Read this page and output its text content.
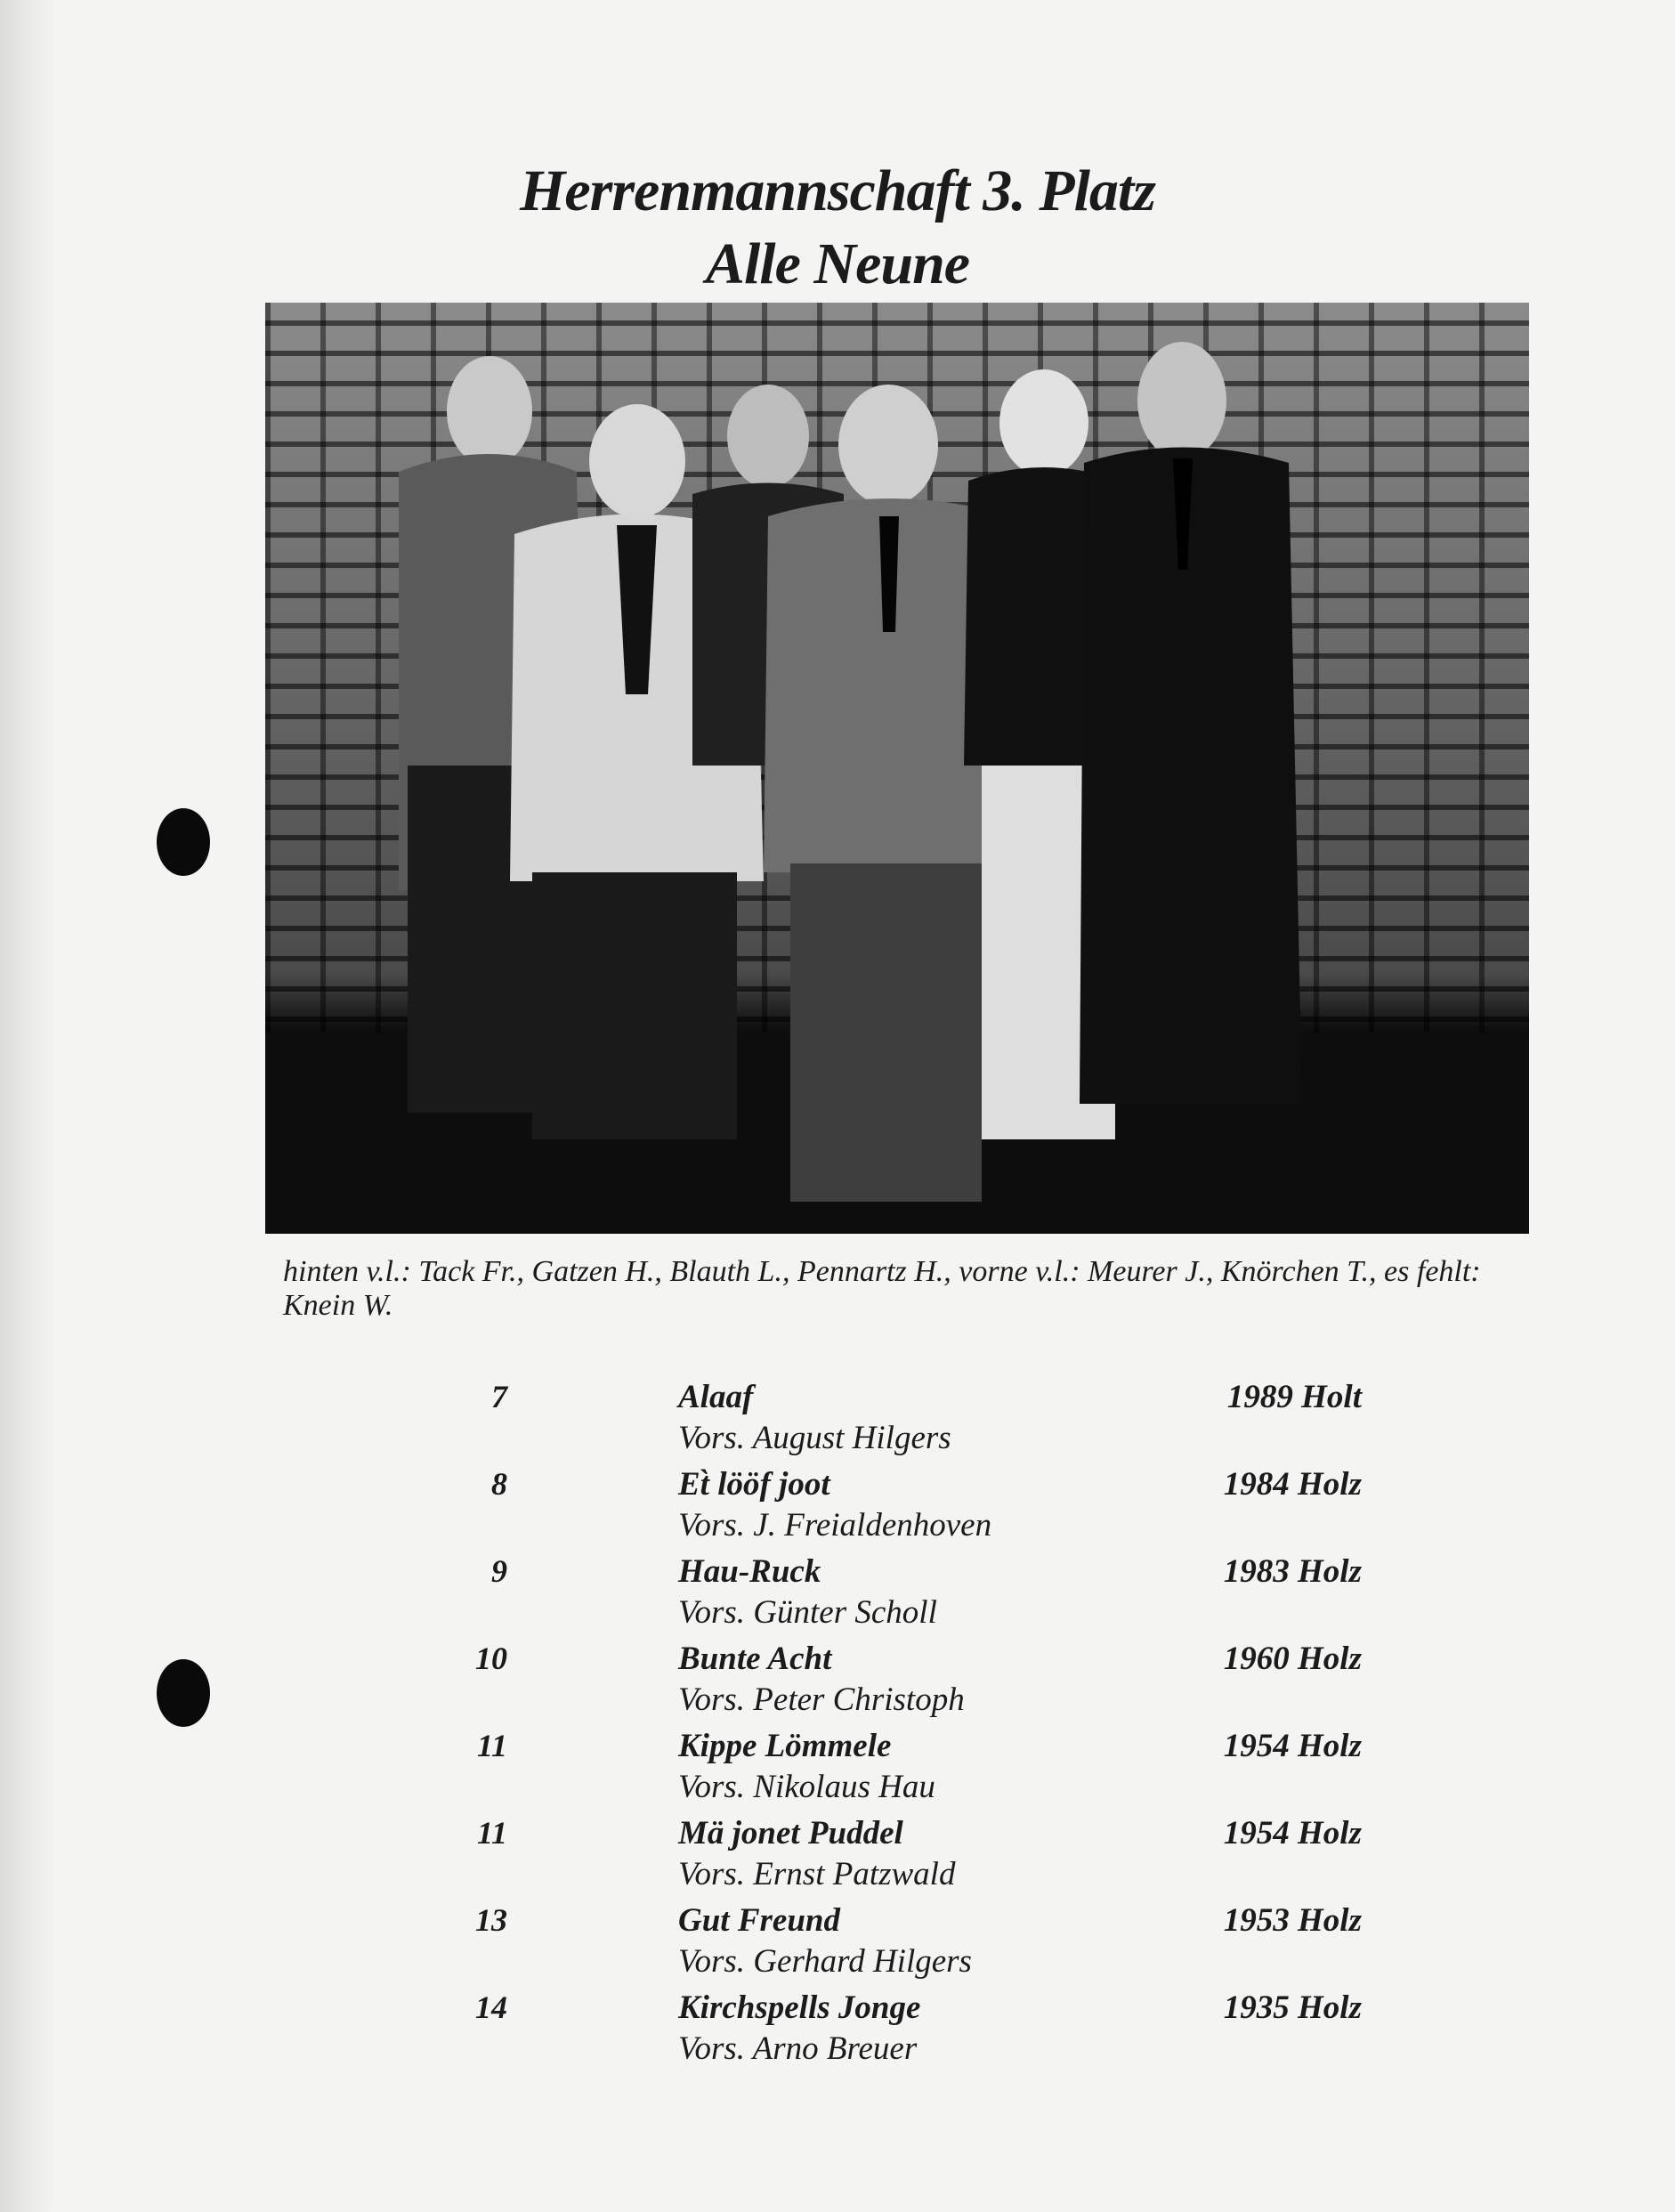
Herrenmannschaft 3. Platz
Alle Neune
hinten v.l.: Tack Fr., Gatzen H., Blauth L., Pennartz H., vorne v.l.: Meurer J., Knörchen T., es fehlt: Knein W.
7	Alaaf	1989 Holt
Vors. August Hilgers
8	Et̀ lööf joot	1984 Holz
Vors. J. Freialdenhoven
9	Hau-Ruck	1983 Holz
Vors. Günter Scholl
10	Bunte Acht	1960 Holz
Vors. Peter Christoph
11	Kippe Lömmele	1954 Holz
Vors. Nikolaus Hau
11	Mä jonet Puddel	1954 Holz
Vors. Ernst Patzwald
13	Gut Freund	1953 Holz
Vors. Gerhard Hilgers
14	Kirchspells Jonge	1935 Holz
Vors. Arno Breuer
